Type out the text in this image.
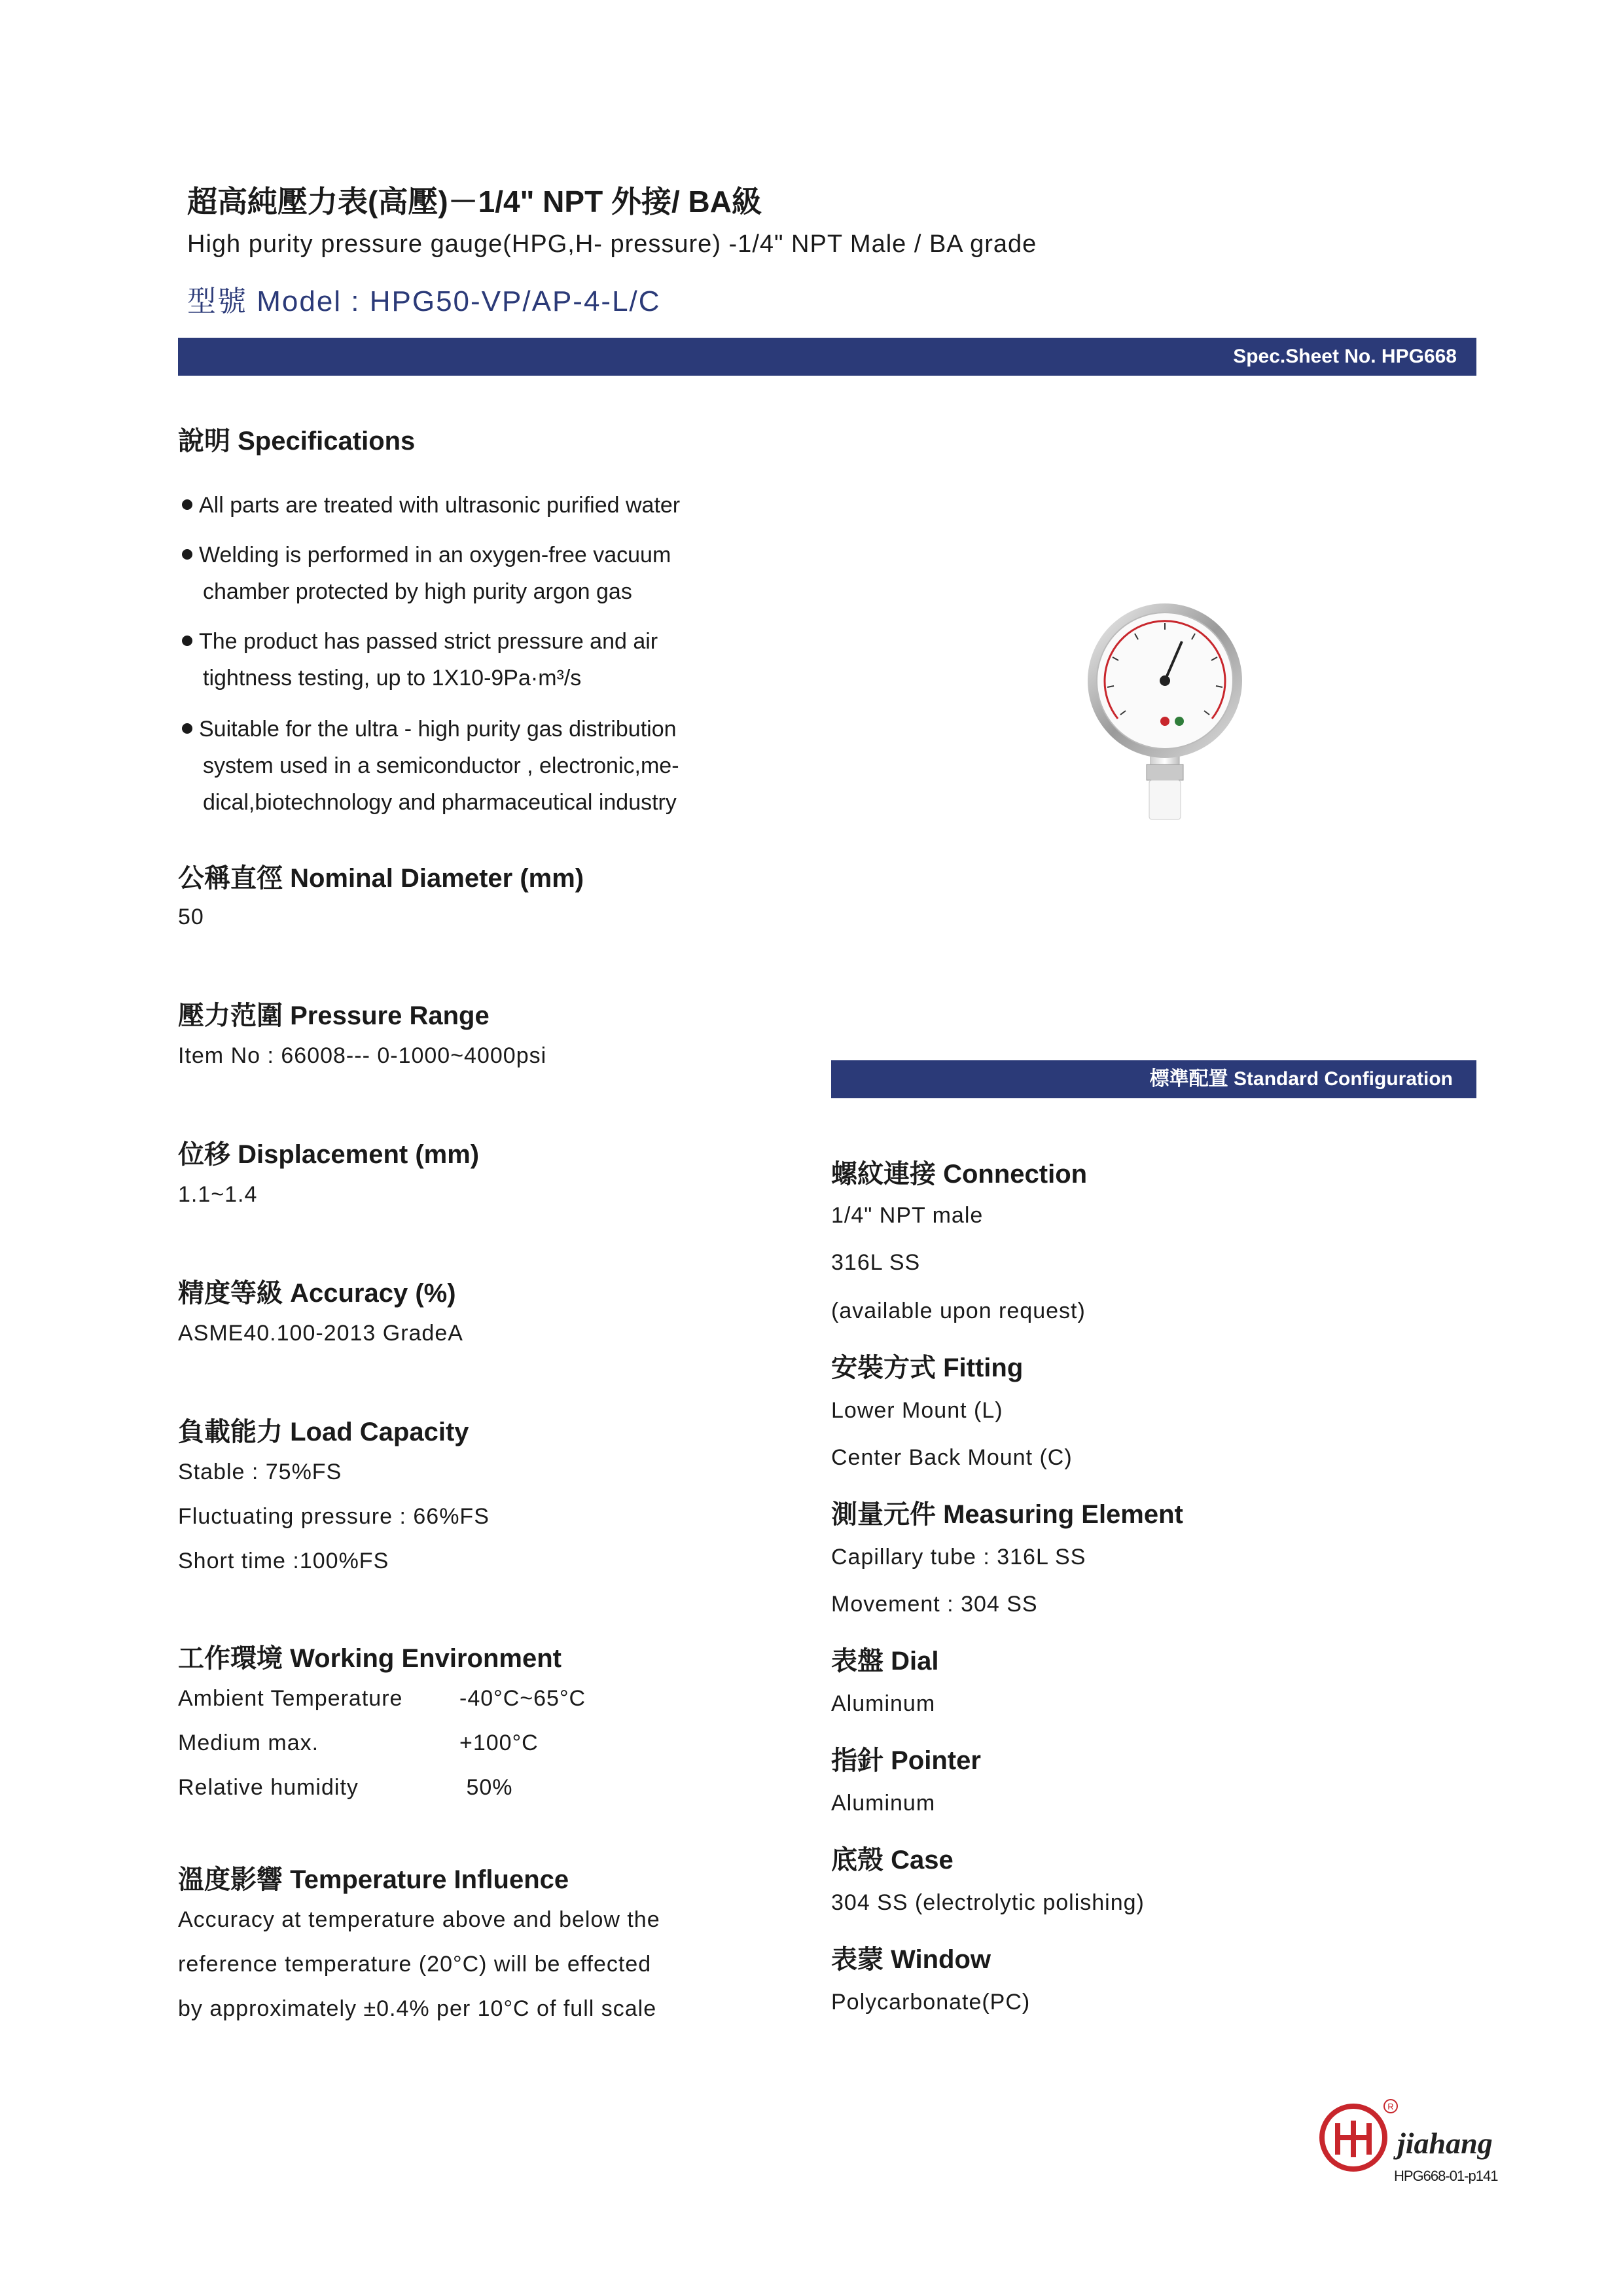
超高純壓力表(高壓)－1/4" NPT 外接/ BA級
High purity pressure gauge(HPG,H- pressure) -1/4" NPT Male / BA grade
型號 Model : HPG50-VP/AP-4-L/C
Spec.Sheet No. HPG668
說明 Specifications
All parts are treated with ultrasonic purified water
Welding is performed in an oxygen-free vacuum
chamber protected by high purity argon gas
The product has passed strict pressure and air
tightness testing, up to 1X10-9Pa·m³/s
Suitable for the ultra - high purity gas distribution
system used in a semiconductor , electronic,me-
dical,biotechnology and pharmaceutical industry
公稱直徑 Nominal Diameter (mm)
50
壓力范圍 Pressure Range
Item No : 66008--- 0-1000~4000psi
位移 Displacement (mm)
1.1~1.4
精度等級 Accuracy (%)
ASME40.100-2013 GradeA
負載能力 Load Capacity
Stable : 75%FS
Fluctuating pressure : 66%FS
Short time :100%FS
工作環境 Working Environment
Ambient Temperature	-40°C~65°C
Medium max.	+100°C
Relative humidity	50%
溫度影響 Temperature Influence
Accuracy at temperature above and below the
reference temperature (20°C) will be effected
by approximately ±0.4% per 10°C of full scale
標準配置 Standard Configuration
螺紋連接 Connection
1/4" NPT male
316L SS
(available upon request)
安裝方式 Fitting
Lower Mount (L)
Center Back Mount (C)
測量元件 Measuring Element
Capillary tube : 316L SS
Movement : 304 SS
表盤 Dial
Aluminum
指針 Pointer
Aluminum
底殼 Case
304 SS (electrolytic polishing)
表蒙 Window
Polycarbonate(PC)
R
jiahang
HPG668-01-p141
